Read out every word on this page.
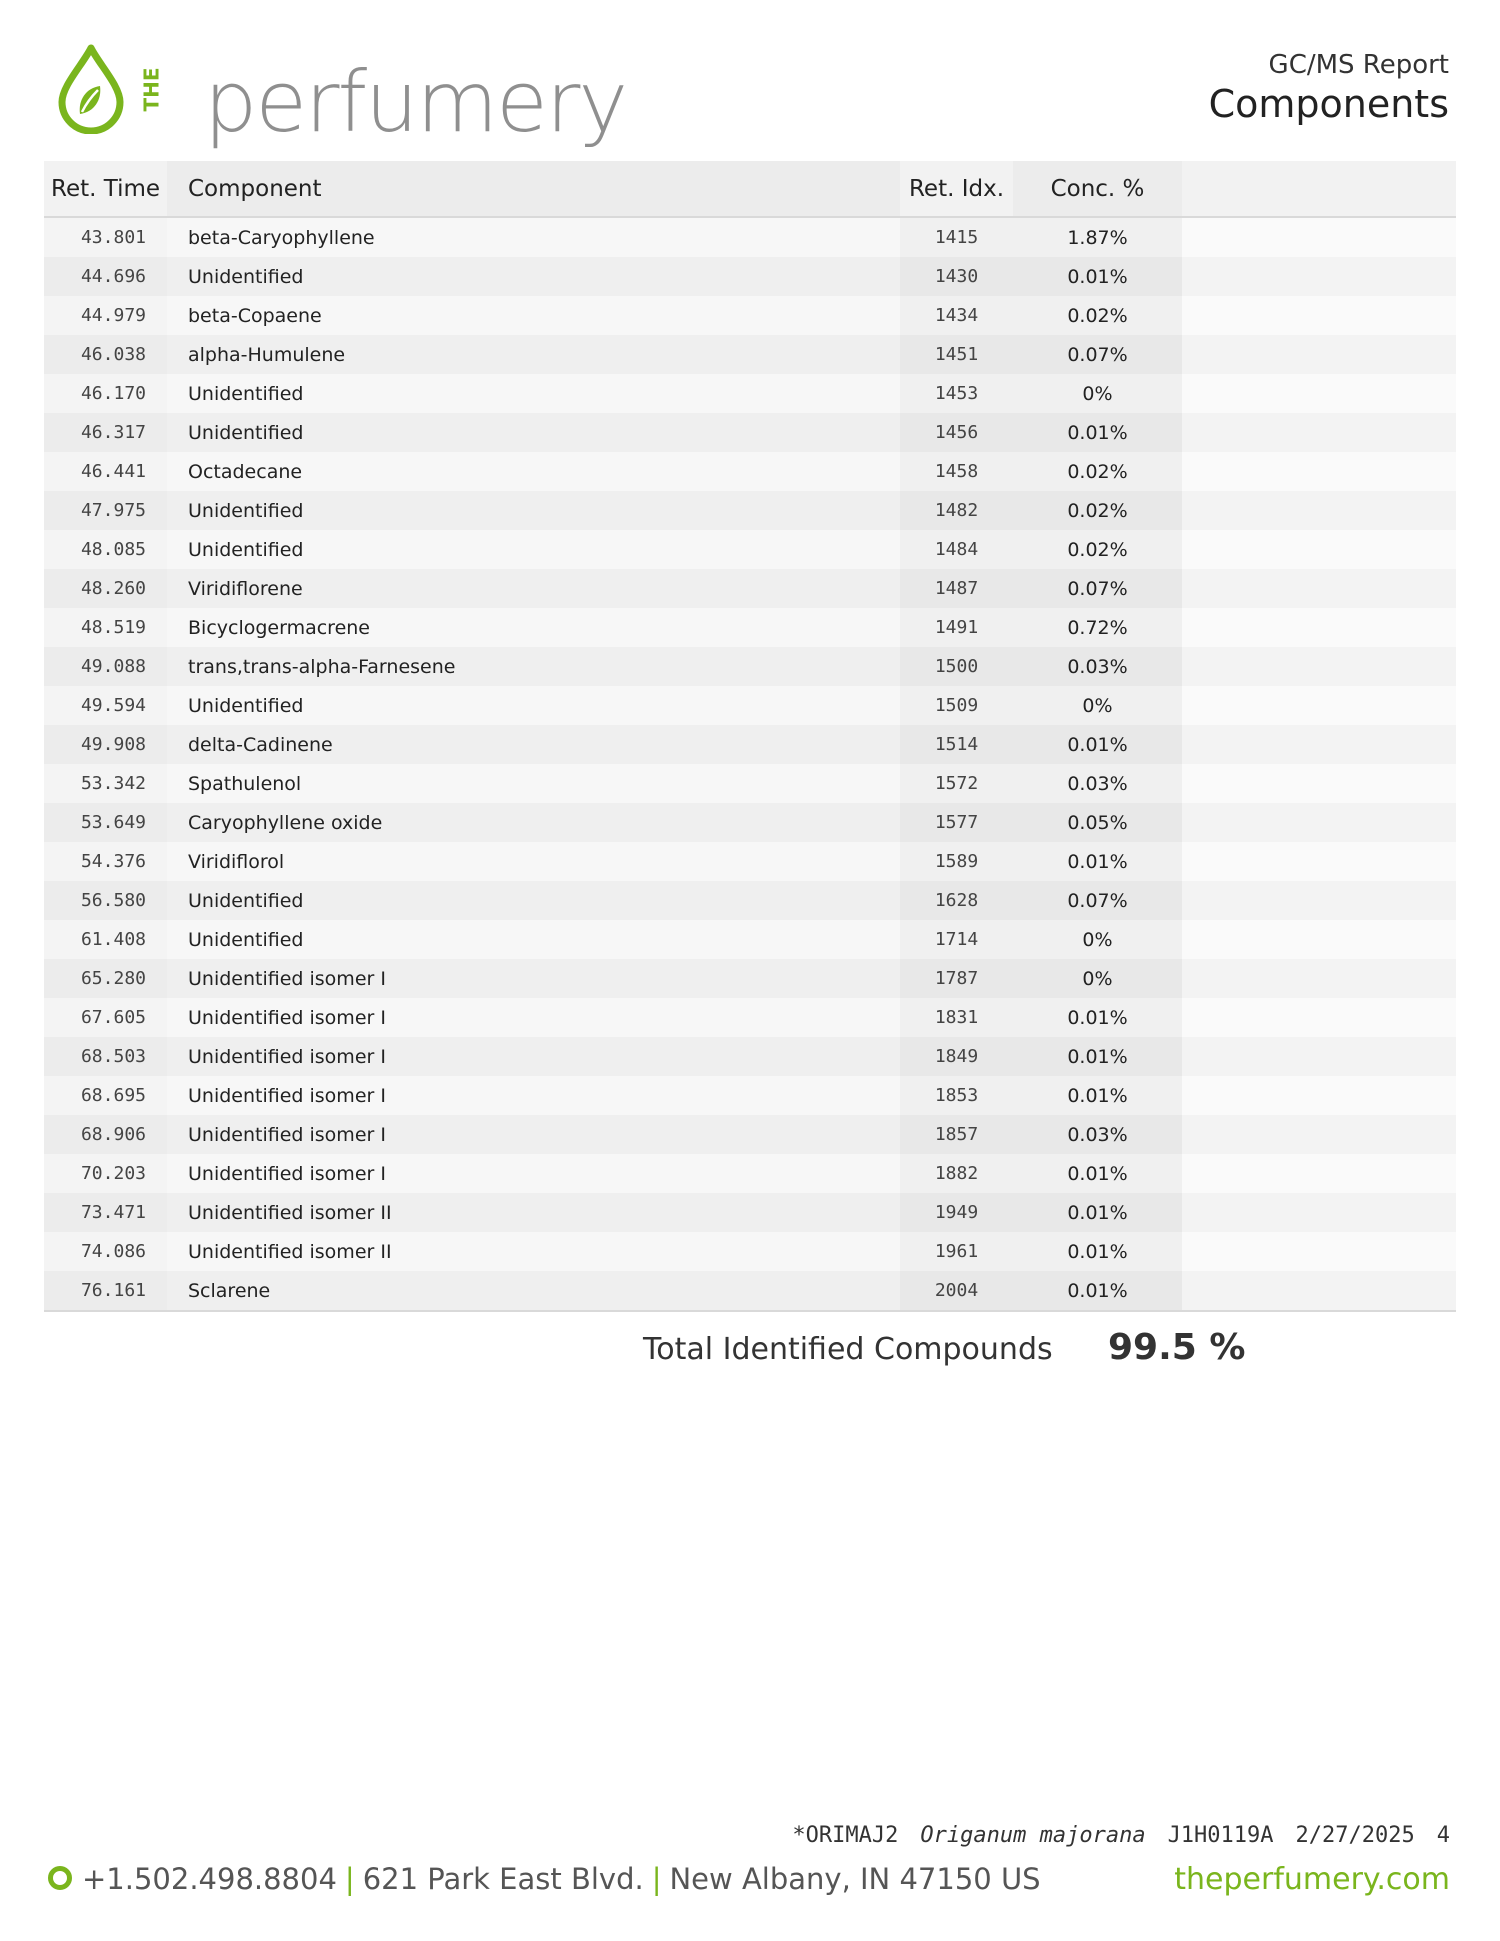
THE perfumery	GC/MS Report
Components
Ret. Time	Component	Ret. Idx.	Conc. %	
43.801	beta-Caryophyllene	1415	1.87%	
44.696	Unidentified	1430	0.01%	
44.979	beta-Copaene	1434	0.02%	
46.038	alpha-Humulene	1451	0.07%	
46.170	Unidentified	1453	0%	
46.317	Unidentified	1456	0.01%	
46.441	Octadecane	1458	0.02%	
47.975	Unidentified	1482	0.02%	
48.085	Unidentified	1484	0.02%	
48.260	Viridiflorene	1487	0.07%	
48.519	Bicyclogermacrene	1491	0.72%	
49.088	trans,trans-alpha-Farnesene	1500	0.03%	
49.594	Unidentified	1509	0%	
49.908	delta-Cadinene	1514	0.01%	
53.342	Spathulenol	1572	0.03%	
53.649	Caryophyllene oxide	1577	0.05%	
54.376	Viridiflorol	1589	0.01%	
56.580	Unidentified	1628	0.07%	
61.408	Unidentified	1714	0%	
65.280	Unidentified isomer I	1787	0%	
67.605	Unidentified isomer I	1831	0.01%	
68.503	Unidentified isomer I	1849	0.01%	
68.695	Unidentified isomer I	1853	0.01%	
68.906	Unidentified isomer I	1857	0.03%	
70.203	Unidentified isomer I	1882	0.01%	
73.471	Unidentified isomer II	1949	0.01%	
74.086	Unidentified isomer II	1961	0.01%	
76.161	Sclarene	2004	0.01%	
Total Identified Compounds 99.5 %
*ORIMAJ2 Origanum majorana J1H0119A 2/27/2025 4
+1.502.498.8804 | 621 Park East Blvd. | New Albany, IN 47150 US	theperfumery.com
